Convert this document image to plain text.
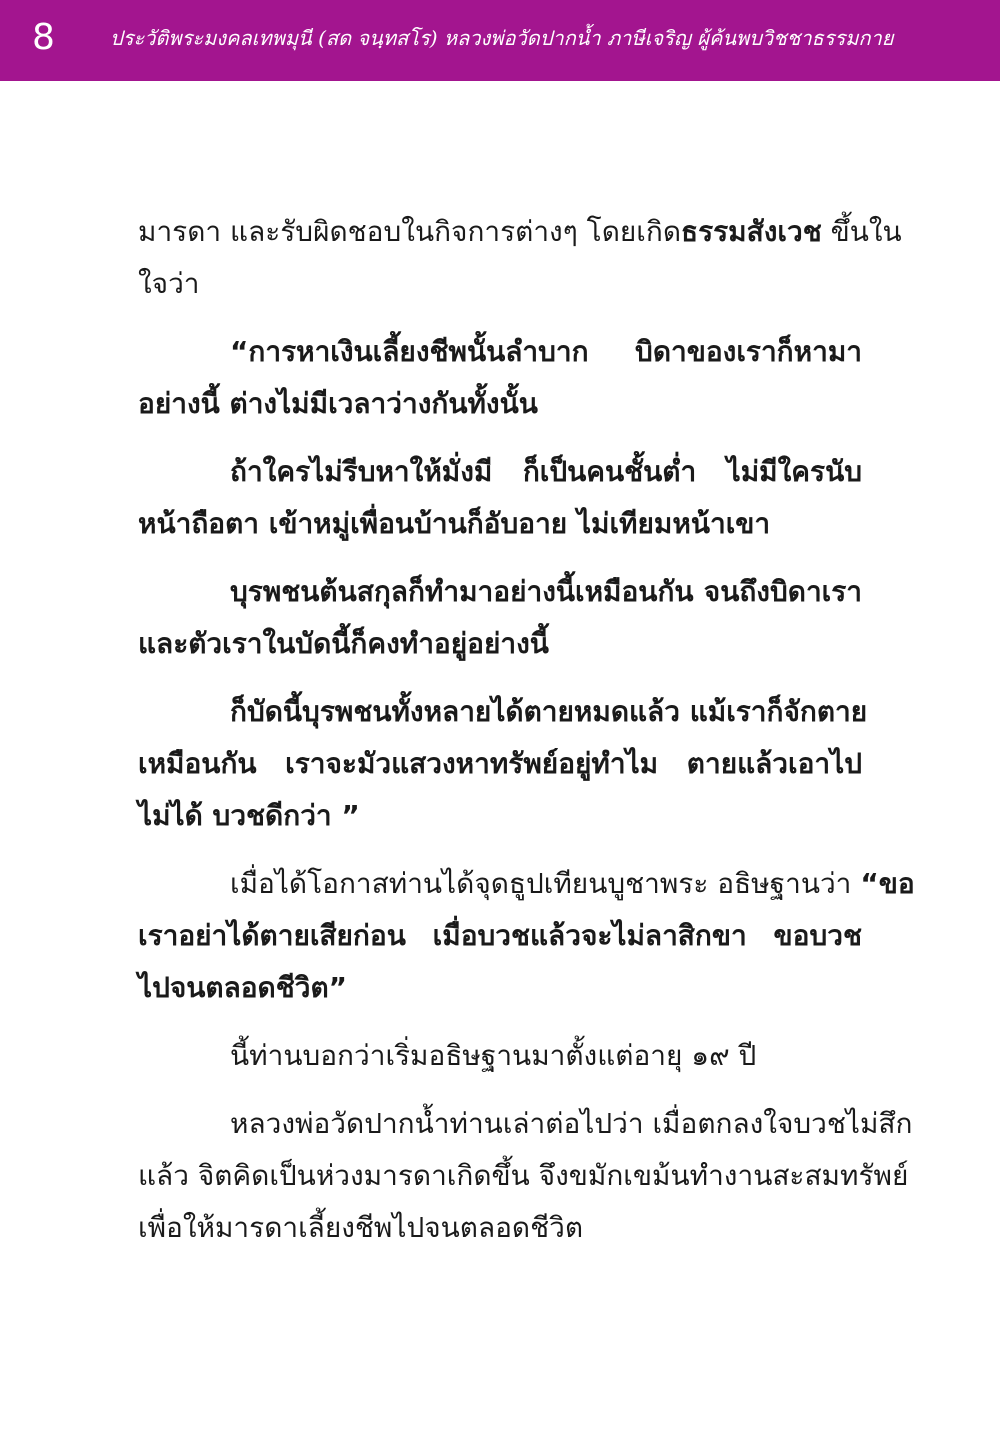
8	ประวัติพระมงคลเทพมุนี (สด จนฺทสโร) หลวงพ่อวัดปากน้ำ ภาษีเจริญ ผู้ค้นพบวิชชาธรรมกาย
มารดา และรับผิดชอบในกิจการต่างๆ โดยเกิดธรรมสังเวช ขึ้นใน
ใจว่า
“การหาเงินเลี้ยงชีพนั้นลำบาก บิดาของเราก็หามา
อย่างนี้ ต่างไม่มีเวลาว่างกันทั้งนั้น
ถ้าใครไม่รีบหาให้มั่งมี ก็เป็นคนชั้นต่ำ ไม่มีใครนับ
หน้าถือตา เข้าหมู่เพื่อนบ้านก็อับอาย ไม่เทียมหน้าเขา
บุรพชนต้นสกุลก็ทำมาอย่างนี้เหมือนกัน จนถึงบิดาเรา
และตัวเราในบัดนี้ก็คงทำอยู่อย่างนี้
ก็บัดนี้บุรพชนทั้งหลายได้ตายหมดแล้ว แม้เราก็จักตาย
เหมือนกัน เราจะมัวแสวงหาทรัพย์อยู่ทำไม ตายแล้วเอาไป
ไม่ได้ บวชดีกว่า ”
เมื่อได้โอกาสท่านได้จุดธูปเทียนบูชาพระ อธิษฐานว่า “ขอ
เราอย่าได้ตายเสียก่อน เมื่อบวชแล้วจะไม่ลาสิกขา ขอบวช
ไปจนตลอดชีวิต”
นี้ท่านบอกว่าเริ่มอธิษฐานมาตั้งแต่อายุ ๑๙ ปี
หลวงพ่อวัดปากน้ำท่านเล่าต่อไปว่า เมื่อตกลงใจบวชไม่สึก
แล้ว จิตคิดเป็นห่วงมารดาเกิดขึ้น จึงขมักเขม้นทำงานสะสมทรัพย์
เพื่อให้มารดาเลี้ยงชีพไปจนตลอดชีวิต
